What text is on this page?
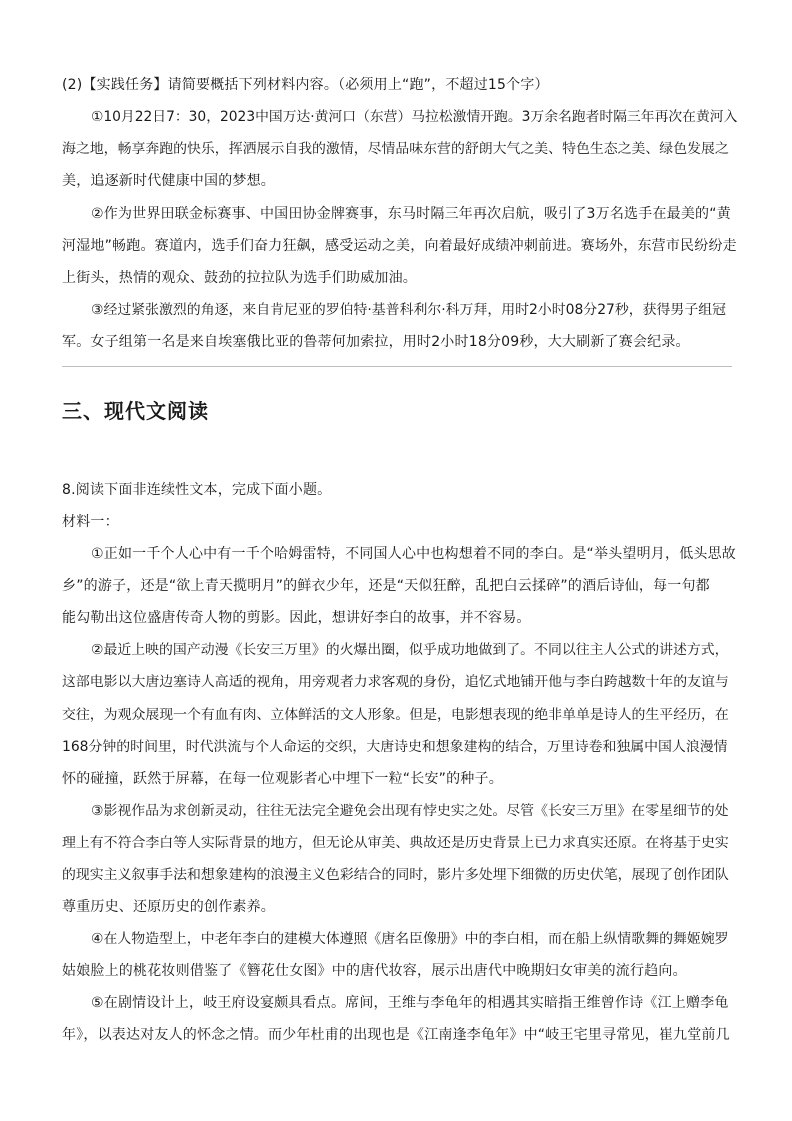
(2)【实践任务】请简要概括下列材料内容。（必须用上“跑”，不超过15个字）
①10月22日7：30，2023中国万达·黄河口（东营）马拉松激情开跑。3万余名跑者时隔三年再次在黄河入
海之地，畅享奔跑的快乐，挥洒展示自我的激情，尽情品味东营的舒朗大气之美、特色生态之美、绿色发展之
美，追逐新时代健康中国的梦想。
②作为世界田联金标赛事、中国田协金牌赛事，东马时隔三年再次启航，吸引了3万名选手在最美的“黄
河湿地”畅跑。赛道内，选手们奋力狂飙，感受运动之美，向着最好成绩冲刺前进。赛场外，东营市民纷纷走
上街头，热情的观众、鼓劲的拉拉队为选手们助威加油。
③经过紧张激烈的角逐，来自肯尼亚的罗伯特·基普科利尔·科万拜，用时2小时08分27秒，获得男子组冠
军。女子组第一名是来自埃塞俄比亚的鲁蒂何加索拉，用时2小时18分09秒，大大刷新了赛会纪录。
三、现代文阅读
8.阅读下面非连续性文本，完成下面小题。
材料一：
①正如一千个人心中有一千个哈姆雷特，不同国人心中也构想着不同的李白。是“举头望明月，低头思故
乡”的游子，还是“欲上青天揽明月”的鲜衣少年，还是“天似狂醉，乱把白云揉碎”的酒后诗仙，每一句都
能勾勒出这位盛唐传奇人物的剪影。因此，想讲好李白的故事，并不容易。
②最近上映的国产动漫《长安三万里》的火爆出圈，似乎成功地做到了。不同以往主人公式的讲述方式，
这部电影以大唐边塞诗人高适的视角，用旁观者力求客观的身份，追忆式地铺开他与李白跨越数十年的友谊与
交往，为观众展现一个有血有肉、立体鲜活的文人形象。但是，电影想表现的绝非单单是诗人的生平经历，在
168分钟的时间里，时代洪流与个人命运的交织，大唐诗史和想象建构的结合，万里诗卷和独属中国人浪漫情
怀的碰撞，跃然于屏幕，在每一位观影者心中埋下一粒“长安”的种子。
③影视作品为求创新灵动，往往无法完全避免会出现有悖史实之处。尽管《长安三万里》在零星细节的处
理上有不符合李白等人实际背景的地方，但无论从审美、典故还是历史背景上已力求真实还原。在将基于史实
的现实主义叙事手法和想象建构的浪漫主义色彩结合的同时，影片多处埋下细微的历史伏笔，展现了创作团队
尊重历史、还原历史的创作素养。
④在人物造型上，中老年李白的建模大体遵照《唐名臣像册》中的李白相，而在船上纵情歌舞的舞姬婉罗
姑娘脸上的桃花妆则借鉴了《簪花仕女图》中的唐代妆容，展示出唐代中晚期妇女审美的流行趋向。
⑤在剧情设计上，岐王府设宴颇具看点。席间，王维与李龟年的相遇其实暗指王维曾作诗《江上赠李龟
年》，以表达对友人的怀念之情。而少年杜甫的出现也是《江南逢李龟年》中“岐王宅里寻常见，崔九堂前几
